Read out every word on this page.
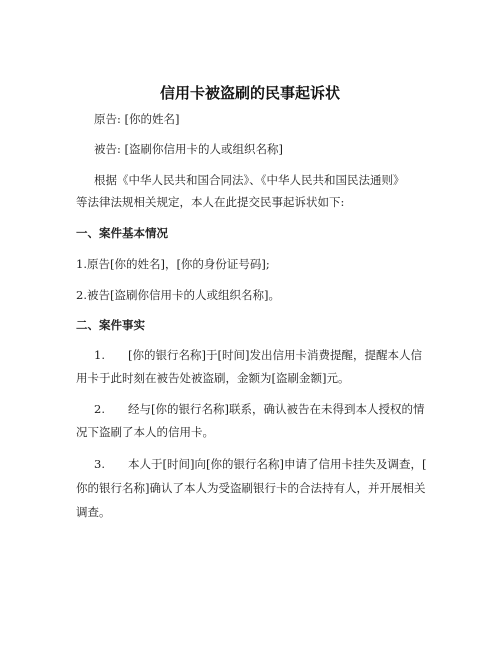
信用卡被盗刷的民事起诉状
原告: [你的姓名]
被告: [盗刷你信用卡的人或组织名称]
根据《中华人民共和国合同法》、《中华人民共和国民法通则》
等法律法规相关规定，本人在此提交民事起诉状如下:
一、案件基本情况
1.原告[你的姓名]，[你的身份证号码];
2.被告[盗刷你信用卡的人或组织名称]。
二、案件事实
1. [你的银行名称]于[时间]发出信用卡消费提醒，提醒本人信
用卡于此时刻在被告处被盗刷，金额为[盗刷金额]元。
2. 经与[你的银行名称]联系，确认被告在未得到本人授权的情
况下盗刷了本人的信用卡。
3. 本人于[时间]向[你的银行名称]申请了信用卡挂失及调查，[
你的银行名称]确认了本人为受盗刷银行卡的合法持有人，并开展相关
调查。
